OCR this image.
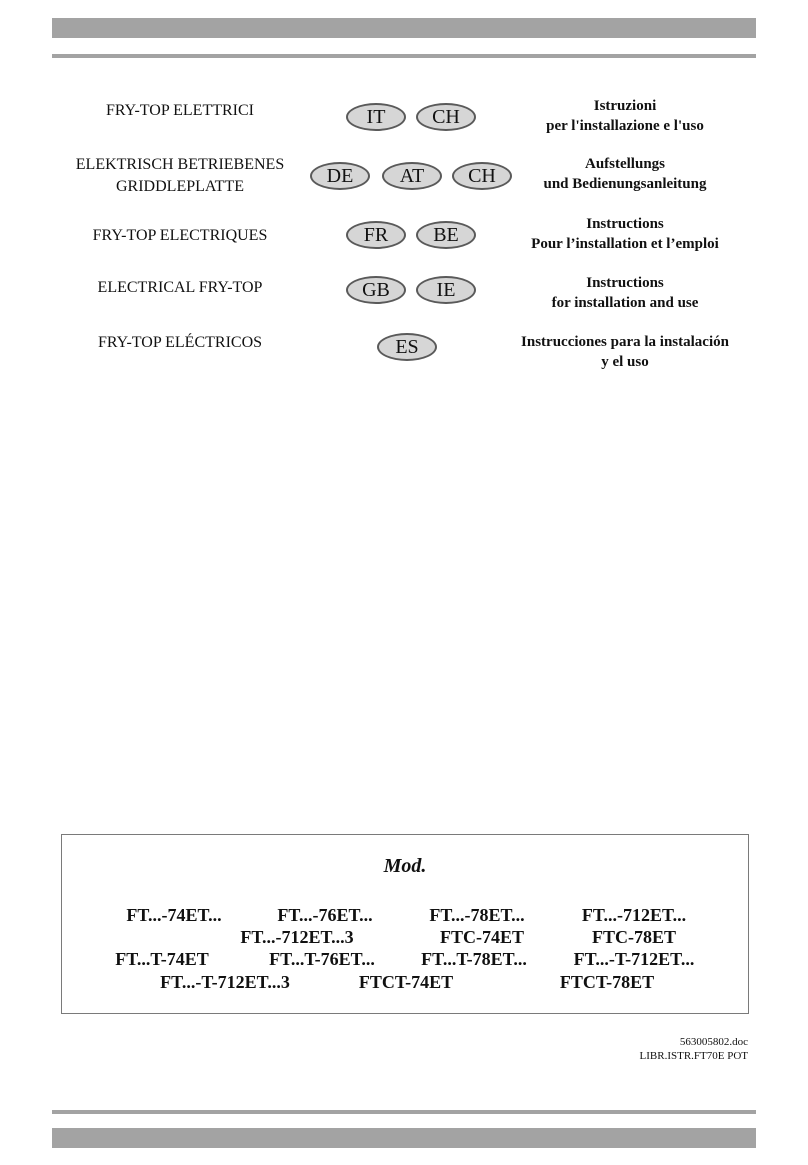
FRY-TOP ELETTRICI	IT	CH	Istruzioni
per l'installazione e l'uso
ELEKTRISCH BETRIEBENES
GRIDDLEPLATTE	DE	AT	CH
Aufstellungs
und Bedienungsanleitung
FRY-TOP ELECTRIQUES	FR	BE	Instructions
Pour l’installation et l’emploi
ELECTRICAL FRY-TOP	GB	IE	Instructions
for installation and use
FRY-TOP ELÉCTRICOS	ES	Instrucciones para la instalación
y el uso
Mod.
FT...-74ET...	FT...-76ET...	FT...-78ET...	FT...-712ET...
FT...-712ET...3	FTC-74ET	FTC-78ET
FT...T-74ET	FT...T-76ET...	FT...T-78ET...	FT...-T-712ET...
FT...-T-712ET...3	FTCT-74ET	FTCT-78ET
563005802.doc
LIBR.ISTR.FT70E POT
